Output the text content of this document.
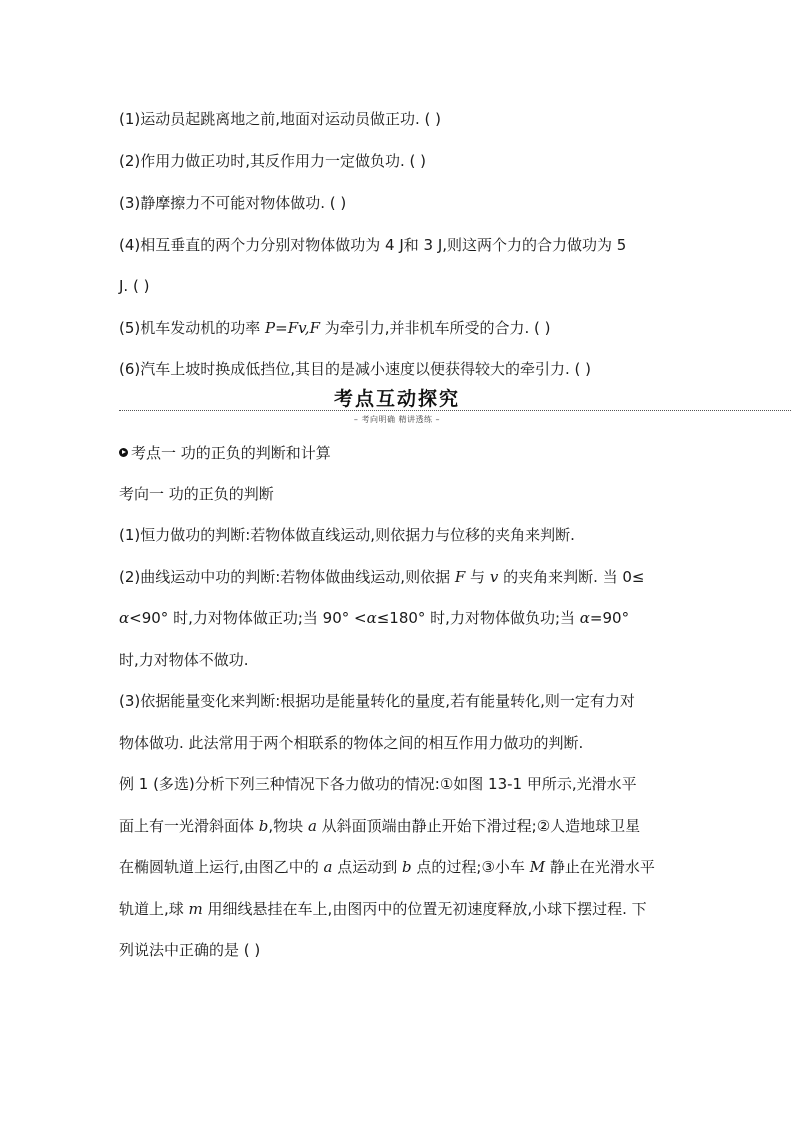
(1)运动员起跳离地之前,地面对运动员做正功. ( )
(2)作用力做正功时,其反作用力一定做负功. ( )
(3)静摩擦力不可能对物体做功. ( )
(4)相互垂直的两个力分别对物体做功为 4 J和 3 J,则这两个力的合力做功为 5
J. ( )
(5)机车发动机的功率 P=Fv,F 为牵引力,并非机车所受的合力. ( )
(6)汽车上坡时换成低挡位,其目的是减小速度以便获得较大的牵引力. ( )
考点互动探究
– 考向明确 精讲透练 –
考点一 功的正负的判断和计算
考向一 功的正负的判断
(1)恒力做功的判断:若物体做直线运动,则依据力与位移的夹角来判断.
(2)曲线运动中功的判断:若物体做曲线运动,则依据 F 与 v 的夹角来判断. 当 0≤
α<90° 时,力对物体做正功;当 90° <α≤180° 时,力对物体做负功;当 α=90°
时,力对物体不做功.
(3)依据能量变化来判断:根据功是能量转化的量度,若有能量转化,则一定有力对
物体做功. 此法常用于两个相联系的物体之间的相互作用力做功的判断.
例 1 (多选)分析下列三种情况下各力做功的情况:①如图 13-1 甲所示,光滑水平
面上有一光滑斜面体 b,物块 a 从斜面顶端由静止开始下滑过程;②人造地球卫星
在椭圆轨道上运行,由图乙中的 a 点运动到 b 点的过程;③小车 M 静止在光滑水平
轨道上,球 m 用细线悬挂在车上,由图丙中的位置无初速度释放,小球下摆过程. 下
列说法中正确的是 ( )
